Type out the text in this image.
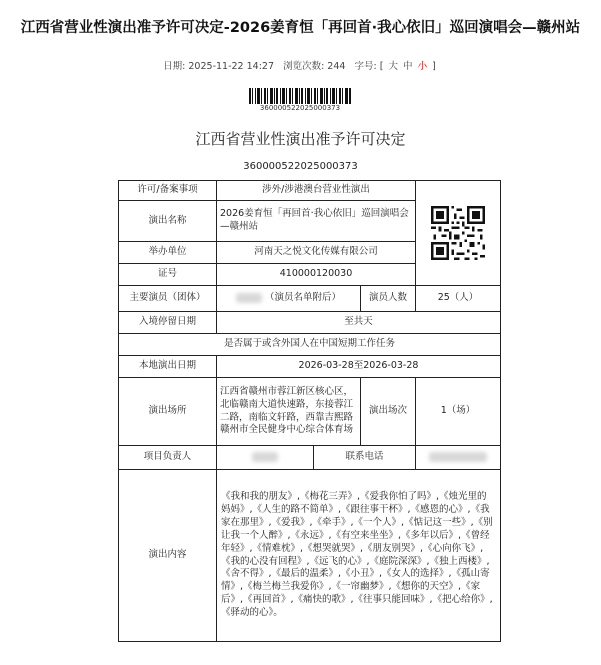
江西省营业性演出准予许可决定-2026姜育恒「再回首·我心依旧」巡回演唱会—赣州站
日期: 2025-11-22 14:27 浏览次数: 244 字号: [ 大 中 小 ]
360000522025000373
江西省营业性演出准予许可决定
360000522025000373
许可/备案事项	涉外/涉港澳台营业性演出	

演出名称	2026姜育恒「再回首·我心依旧」巡回演唱会—赣州站			
举办单位	河南天之悦文化传媒有限公司			
证号	410000120030			
主要演员（团体）	（演员名单附后）		演员人数	25（人）
入境停留日期	至共天			
是否属于或含外国人在中国短期工作任务				
本地演出日期	2026-03-28至2026-03-28			
演出场所	江西省赣州市蓉江新区核心区，北临赣南大道快速路，东接蓉江二路，南临文轩路，西靠吉熙路赣州市全民健身中心综合体育场		演出场次	1（场）
项目负责人		联系电话		
演出内容	《我和我的朋友》,《梅花三弄》,《爱我你怕了吗》,《烛光里的妈妈》,《人生的路不简单》,《跟往事干杯》,《感恩的心》,《我家在那里》,《爱我》,《牵手》,《一个人》,《惦记这一些》,《别让我一个人醉》,《永远》,《有空来坐坐》,《多年以后》,《曾经年轻》,《情难枕》,《想哭就哭》,《朋友别哭》,《心向你飞》,《我的心没有回程》,《远飞的心》,《庭院深深》,《独上西楼》,《舍不得》,《最后的温柔》,《小丑》,《女人的选择》,《孤山寄情》,《梅兰梅兰我爱你》,《一帘幽梦》,《想你的天空》,《家后》,《再回首》,《痛快的歌》,《往事只能回味》,《把心给你》,《驿动的心》。			
